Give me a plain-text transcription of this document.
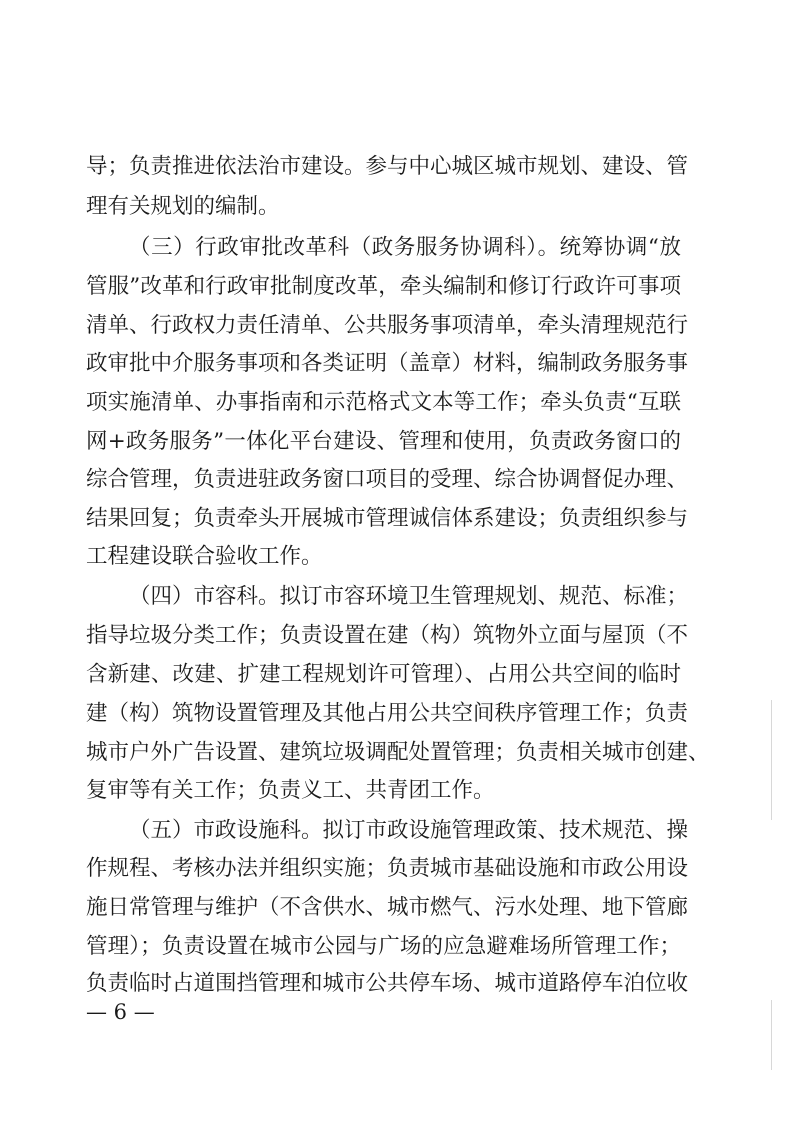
导；负责推进依法治市建设。参与中心城区城市规划、建设、管
理有关规划的编制。
（三）行政审批改革科（政务服务协调科）。统筹协调“放
管服”改革和行政审批制度改革，牵头编制和修订行政许可事项
清单、行政权力责任清单、公共服务事项清单，牵头清理规范行
政审批中介服务事项和各类证明（盖章）材料，编制政务服务事
项实施清单、办事指南和示范格式文本等工作；牵头负责“互联
网+政务服务”一体化平台建设、管理和使用，负责政务窗口的
综合管理，负责进驻政务窗口项目的受理、综合协调督促办理、
结果回复；负责牵头开展城市管理诚信体系建设；负责组织参与
工程建设联合验收工作。
（四）市容科。拟订市容环境卫生管理规划、规范、标准；
指导垃圾分类工作；负责设置在建（构）筑物外立面与屋顶（不
含新建、改建、扩建工程规划许可管理）、占用公共空间的临时
建（构）筑物设置管理及其他占用公共空间秩序管理工作；负责
城市户外广告设置、建筑垃圾调配处置管理；负责相关城市创建、
复审等有关工作；负责义工、共青团工作。
（五）市政设施科。拟订市政设施管理政策、技术规范、操
作规程、考核办法并组织实施；负责城市基础设施和市政公用设
施日常管理与维护（不含供水、城市燃气、污水处理、地下管廊
管理）；负责设置在城市公园与广场的应急避难场所管理工作；
负责临时占道围挡管理和城市公共停车场、城市道路停车泊位收
— 6 —
